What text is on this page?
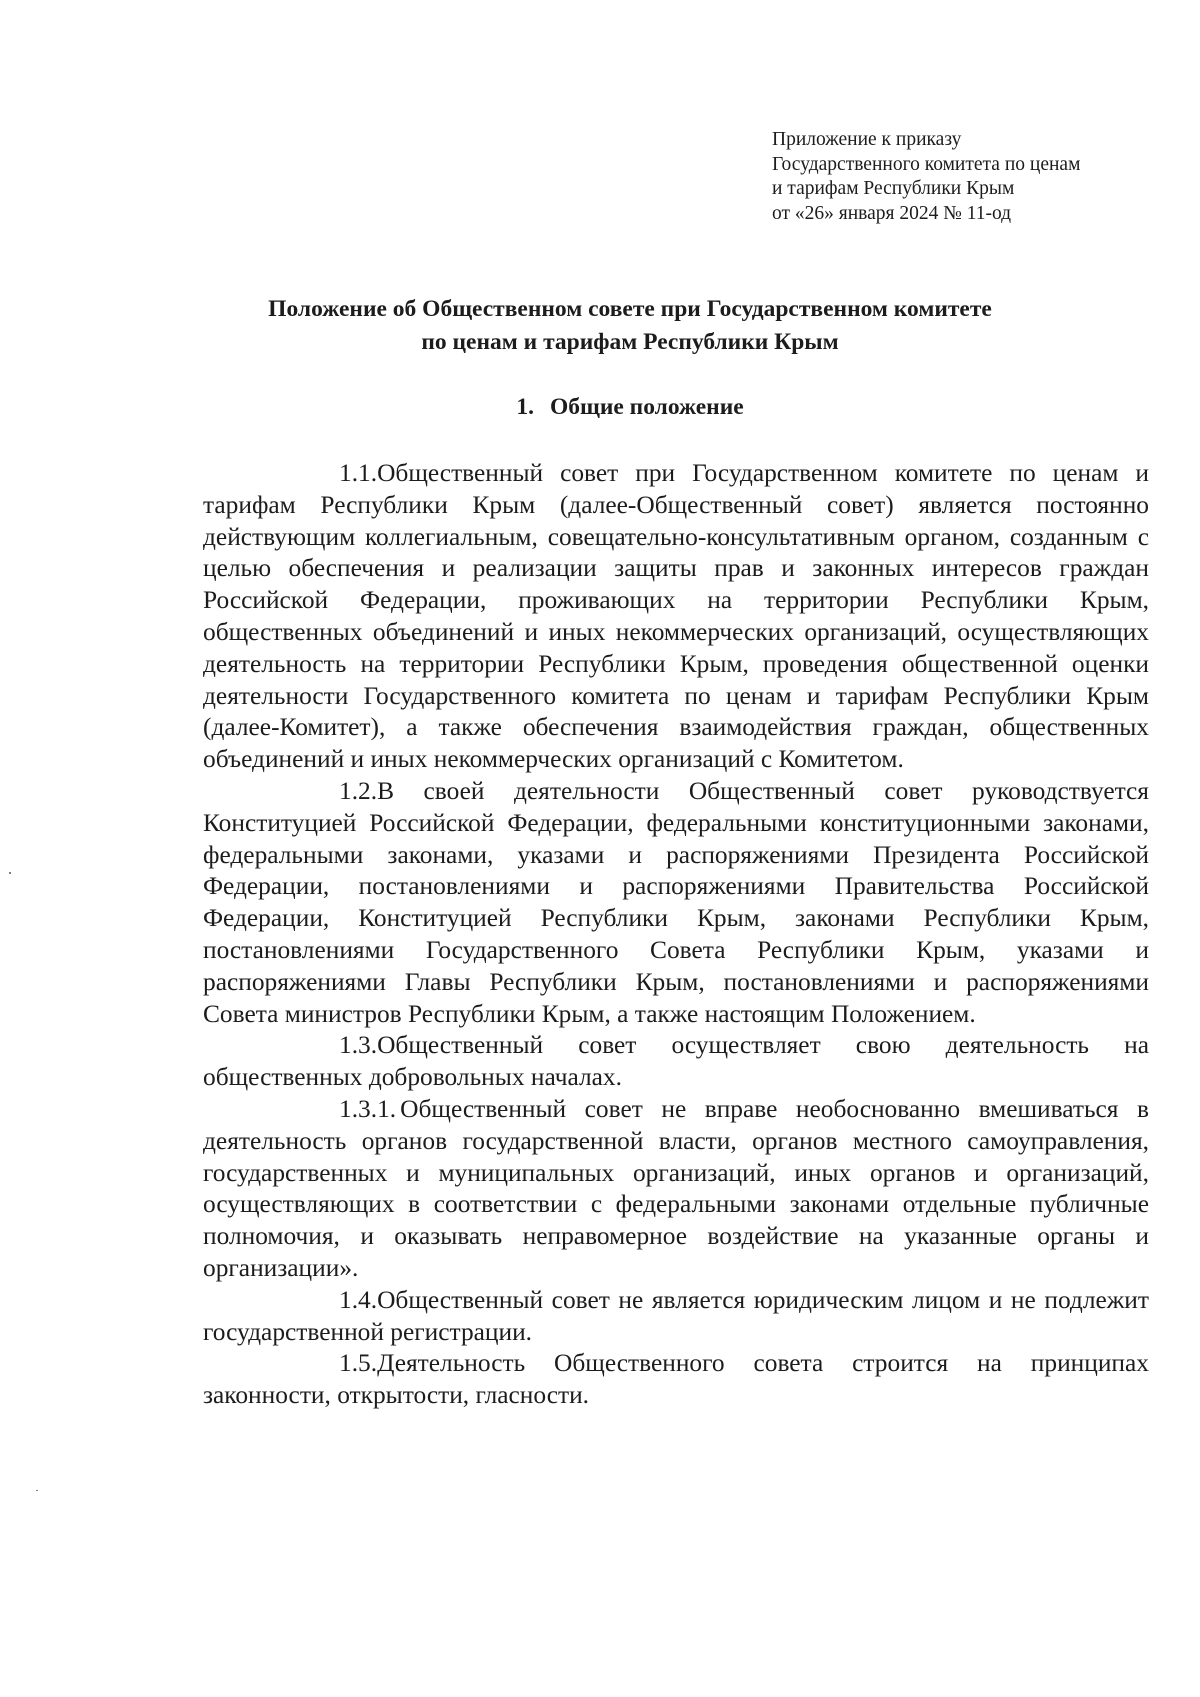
Приложение к приказу
Государственного комитета по ценам
и тарифам Республики Крым
от «26» января 2024 № 11-од
Положение об Общественном совете при Государственном комитете
по ценам и тарифам Республики Крым
1. Общие положение

1.1.Общественный совет при Государственном комитете по ценам и тарифам Республики Крым (далее-Общественный совет) является постоянно действующим коллегиальным, совещательно-консультативным органом, созданным с целью обеспечения и реализации защиты прав и законных интересов граждан Российской Федерации, проживающих на территории Республики Крым, общественных объединений и иных некоммерческих организаций, осуществляющих деятельность на территории Республики Крым, проведения общественной оценки деятельности Государственного комитета по ценам и тарифам Республики Крым (далее-Комитет), а также обеспечения взаимодействия граждан, общественных объединений и иных некоммерческих организаций с Комитетом.

1.2.В своей деятельности Общественный совет руководствуется Конституцией Российской Федерации, федеральными конституционными законами, федеральными законами, указами и распоряжениями Президента Российской Федерации, постановлениями и распоряжениями Правительства Российской Федерации, Конституцией Республики Крым, законами Республики Крым, постановлениями Государственного Совета Республики Крым, указами и распоряжениями Главы Республики Крым, постановлениями и распоряжениями Совета министров Республики Крым, а также настоящим Положением.

1.3.Общественный совет осуществляет свою деятельность на общественных добровольных началах.

1.3.1. Общественный совет не вправе необоснованно вмешиваться в деятельность органов государственной власти, органов местного самоуправления, государственных и муниципальных организаций, иных органов и организаций, осуществляющих в соответствии с федеральными законами отдельные публичные полномочия, и оказывать неправомерное воздействие на указанные органы и организации».

1.4.Общественный совет не является юридическим лицом и не подлежит государственной регистрации.

1.5.Деятельность Общественного совета строится на принципах законности, открытости, гласности.
